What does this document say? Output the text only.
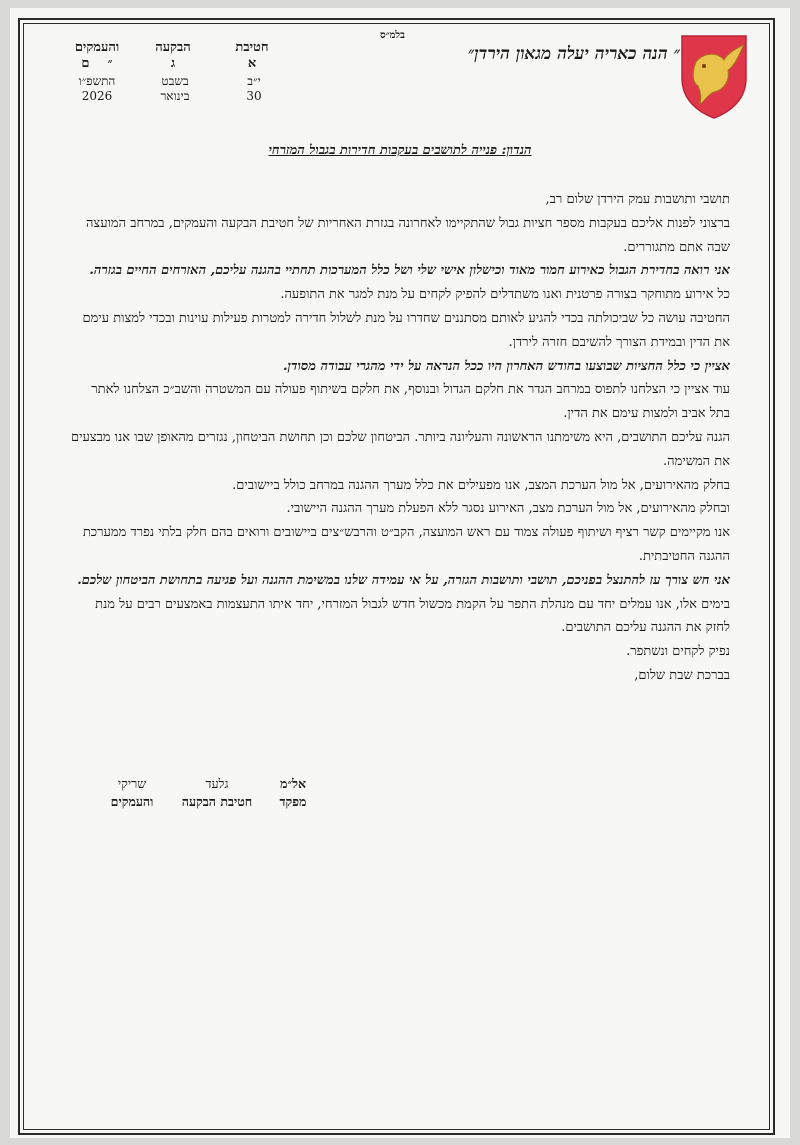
בלמ״ס
״ הנה כאריה יעלה מגאון הירדן״
חטיבת
א
הבקעה
ג
והעמקים
״    ם
י״ב
30
בשבט
בינואר
התשפ״ו
2026
הנדון: פנייה לתושבים בעקבות חדירות בגבול המזרחי

תושבי ותושבות עמק הירדן שלום רב,

ברצוני לפנות אליכם בעקבות מספר חציות גבול שהתקיימו לאחרונה בגזרת האחריות של חטיבת הבקעה והעמקים, במרחב המועצה שבה אתם מתגוררים.

אני רואה בחדירת הגבול כאירוע חמור מאוד וכישלון אישי שלי ושל כלל המערכות תחתיי בהגנה עליכם, האזרחים החיים בגזרה.

כל אירוע מתוחקר בצורה פרטנית ואנו משתדלים להפיק לקחים על מנת למגר את התופעה.

החטיבה עושה כל שביכולתה בכדי להגיע לאותם מסתננים שחדרו על מנת לשלול חדירה למטרות פעילות עוינות ובכדי למצות עימם את הדין ובמידת הצורך להשיבם חזרה לירדן.

אציין כי כלל החציות שבוצעו בחודש האחרון היו ככל הנראה על ידי מהגרי עבודה מסודן.

עוד אציין כי הצלחנו לתפוס במרחב הגדר את חלקם הגדול ובנוסף, את חלקם בשיתוף פעולה עם המשטרה והשב״כ הצלחנו לאתר בתל אביב ולמצות עימם את הדין.

הגנה עליכם התושבים, היא משימתנו הראשונה והעליונה ביותר. הביטחון שלכם וכן תחושת הביטחון, נגזרים מהאופן שבו אנו מבצעים את המשימה.

בחלק מהאירועים, אל מול הערכת המצב, אנו מפעילים את כלל מערך ההגנה במרחב כולל ביישובים.

ובחלק מהאירועים, אל מול הערכת מצב, האירוע נסגר ללא הפעלת מערך ההגנה היישובי.

אנו מקיימים קשר רציף ושיתוף פעולה צמוד עם ראש המועצה, הקב״ט והרבש״צים ביישובים ורואים בהם חלק בלתי נפרד ממערכת ההגנה החטיבתית.

אני חש צורך עז להתנצל בפניכם, תושבי ותושבות הגזרה, על אי עמידה שלנו במשימת ההגנה ועל פגיעה בתחושת הביטחון שלכם.

בימים אלו, אנו עמלים יחד עם מנהלת התפר על הקמת מכשול חדש לגבול המזרחי, יחד איתו התעצמות באמצעים רבים על מנת לחזק את ההגנה עליכם התושבים.

נפיק לקחים ונשתפר.

בברכת שבת שלום,

אל״מ
מפקד
גלעד
חטיבת הבקעה
שריקי
והעמקים
